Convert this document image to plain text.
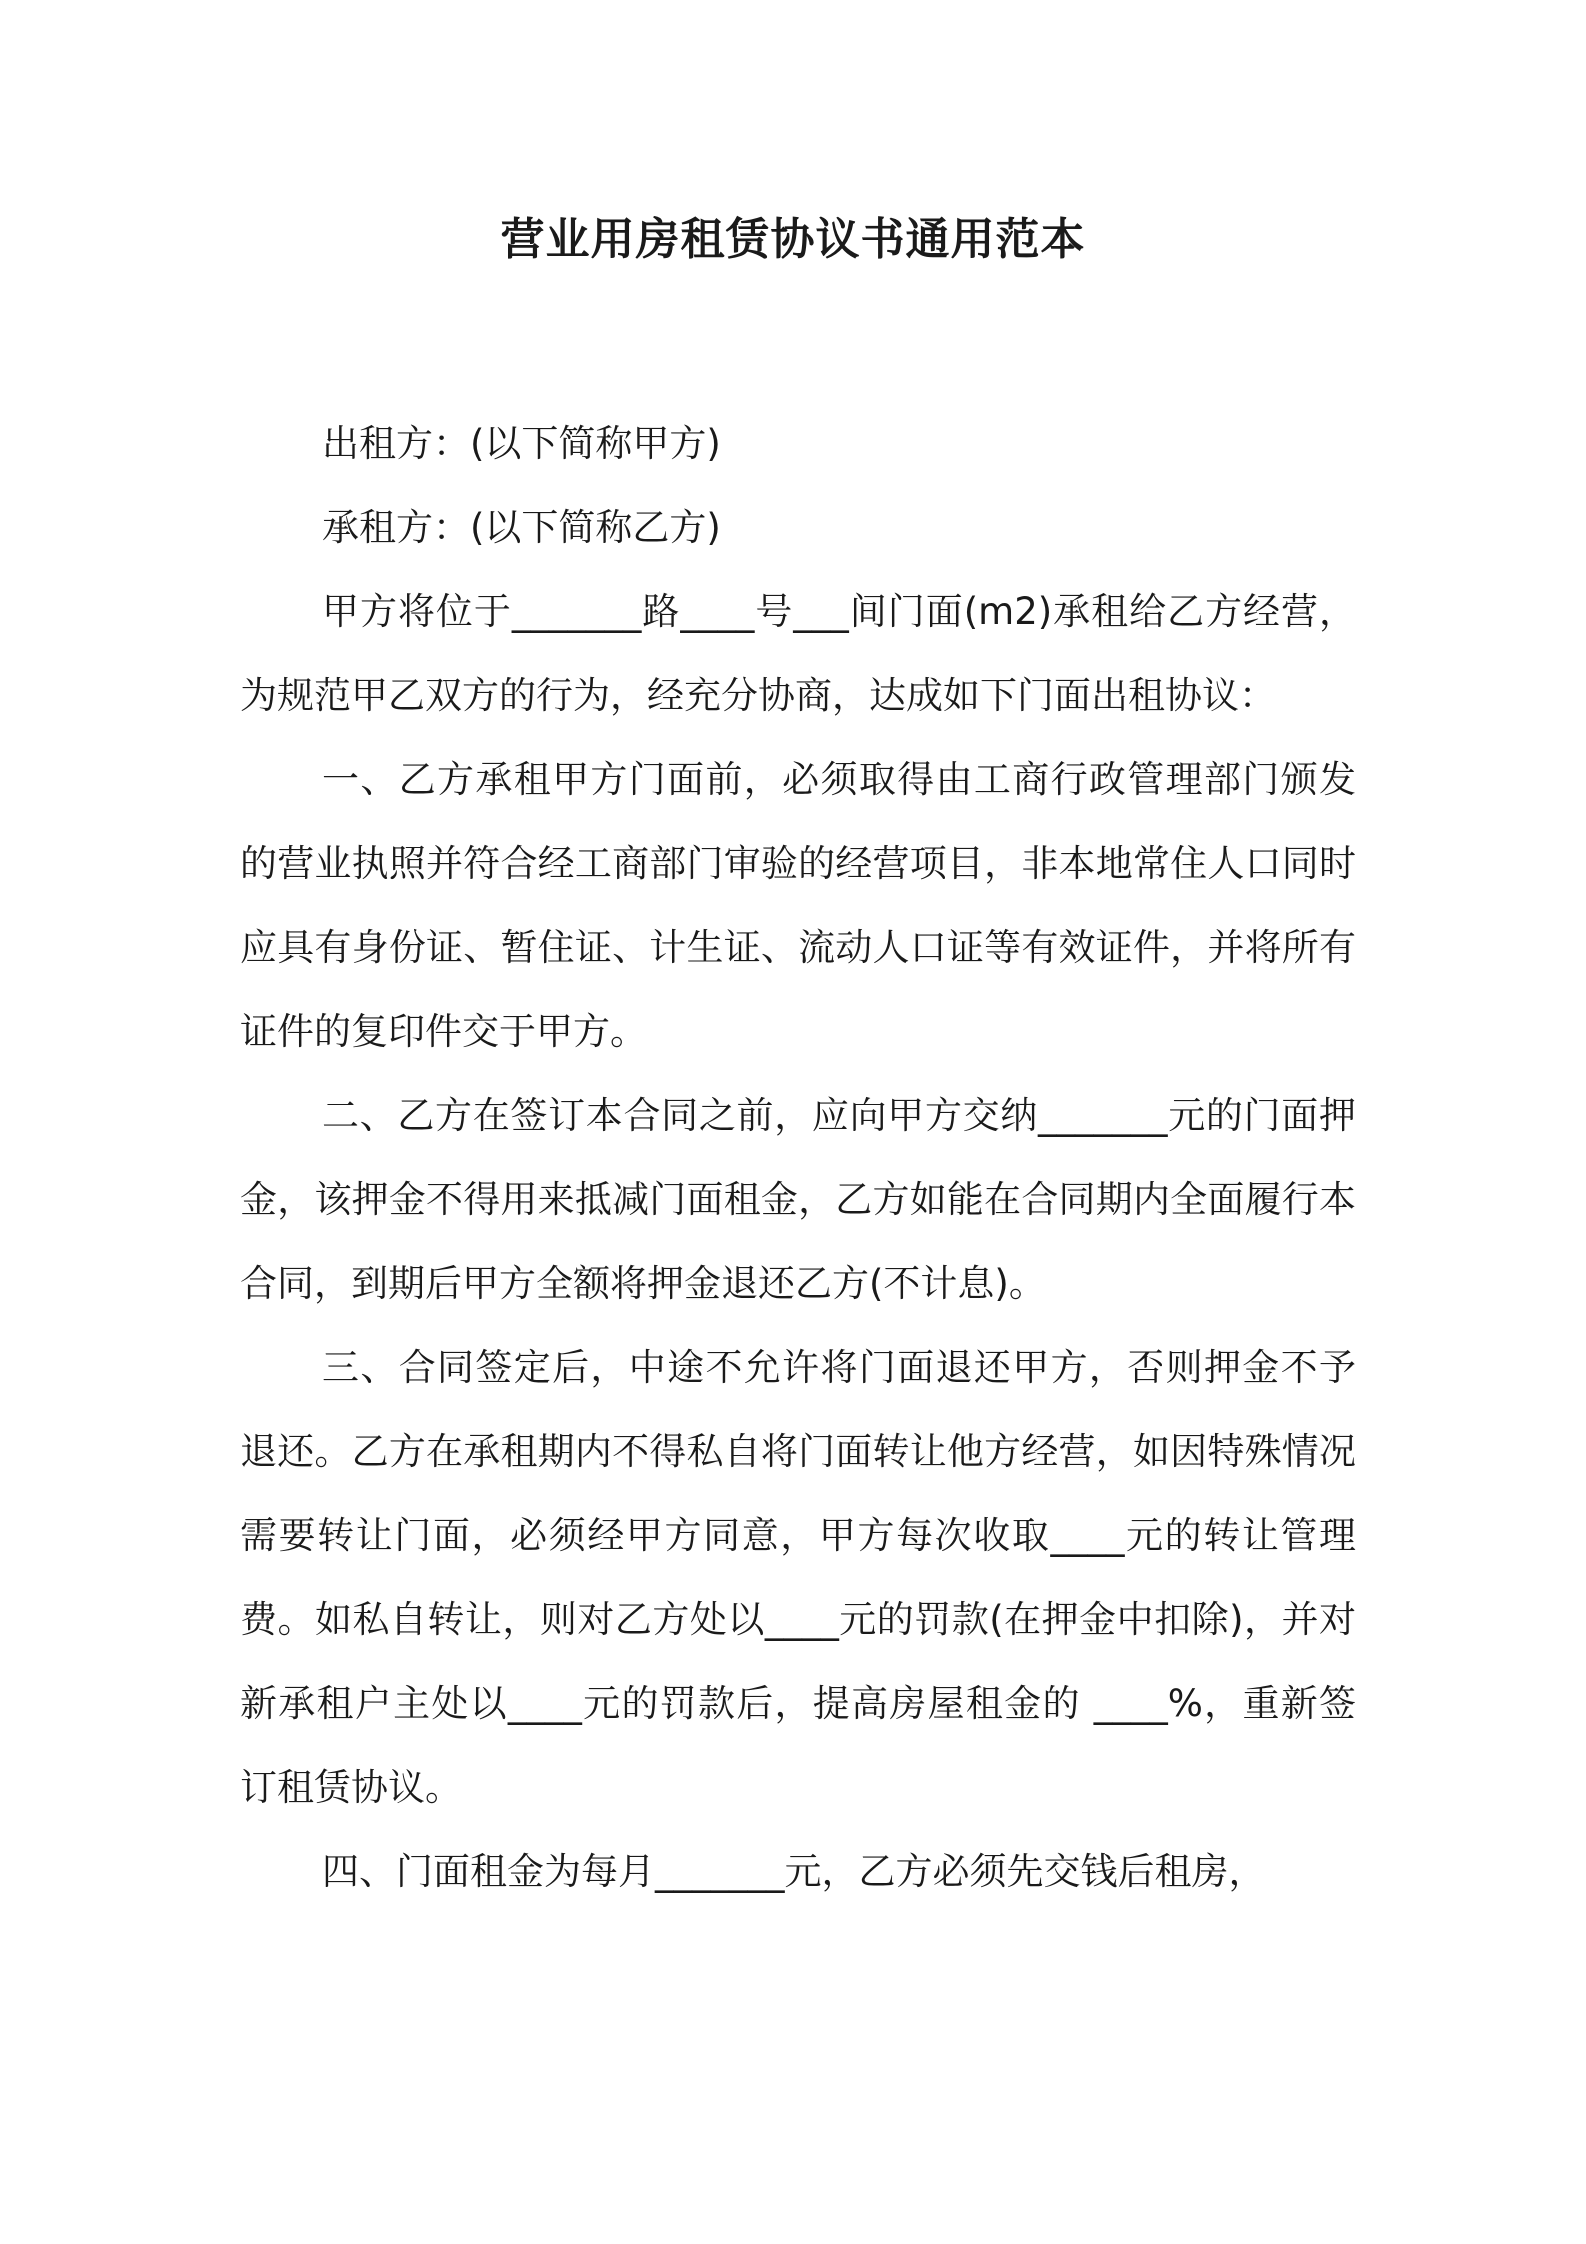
营业用房租赁协议书通用范本

出租方：(以下简称甲方)

承租方：(以下简称乙方)

甲方将位于_______路____号___间门面(m2)承租给乙方经营，为规范甲乙双方的行为，经充分协商，达成如下门面出租协议：

一、乙方承租甲方门面前，必须取得由工商行政管理部门颁发的营业执照并符合经工商部门审验的经营项目，非本地常住人口同时应具有身份证、暂住证、计生证、流动人口证等有效证件，并将所有证件的复印件交于甲方。

二、乙方在签订本合同之前，应向甲方交纳_______元的门面押金，该押金不得用来抵减门面租金，乙方如能在合同期内全面履行本合同，到期后甲方全额将押金退还乙方(不计息)。

三、合同签定后，中途不允许将门面退还甲方，否则押金不予退还。乙方在承租期内不得私自将门面转让他方经营，如因特殊情况需要转让门面，必须经甲方同意，甲方每次收取____元的转让管理费。如私自转让，则对乙方处以____元的罚款(在押金中扣除)，并对新承租户主处以____元的罚款后，提高房屋租金的 ____%，重新签订租赁协议。

四、门面租金为每月_______元，乙方必须先交钱后租房，
